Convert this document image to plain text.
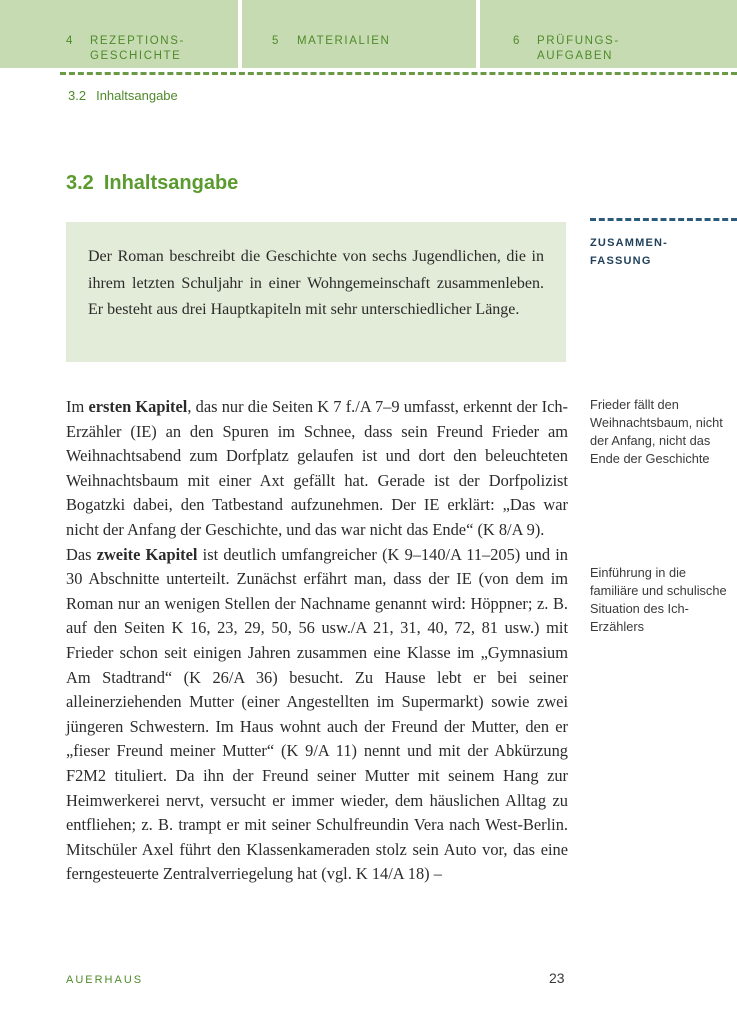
4 REZEPTIONS-
GESCHICHTE
5 MATERIALIEN	6 PRÜFUNGS-
AUFGABEN
3.2 Inhaltsangabe
3.2 Inhaltsangabe
Der Roman beschreibt die Geschichte von sechs Jugendlichen, die in ihrem letzten Schuljahr in einer Wohngemeinschaft zusammenleben. Er besteht aus drei Hauptkapiteln mit sehr unterschiedlicher Länge.
ZUSAMMEN-
FASSUNG

Im ersten Kapitel, das nur die Seiten K 7 f./A 7–9 umfasst, erkennt der Ich-Erzähler (IE) an den Spuren im Schnee, dass sein Freund Frieder am Weihnachtsabend zum Dorfplatz gelaufen ist und dort den beleuchteten Weihnachtsbaum mit einer Axt gefällt hat. Gerade ist der Dorfpolizist Bogatzki dabei, den Tatbestand aufzunehmen. Der IE erklärt: „Das war nicht der Anfang der Geschichte, und das war nicht das Ende“ (K 8/A 9).

Das zweite Kapitel ist deutlich umfangreicher (K 9–140/A 11–205) und in 30 Abschnitte unterteilt. Zunächst erfährt man, dass der IE (von dem im Roman nur an wenigen Stellen der Nachname genannt wird: Höppner; z. B. auf den Seiten K 16, 23, 29, 50, 56 usw./A 21, 31, 40, 72, 81 usw.) mit Frieder schon seit einigen Jahren zusammen eine Klasse im „Gymnasium Am Stadtrand“ (K 26/A 36) besucht. Zu Hause lebt er bei seiner alleinerziehenden Mutter (einer Angestellten im Supermarkt) sowie zwei jüngeren Schwestern. Im Haus wohnt auch der Freund der Mutter, den er „fieser Freund meiner Mutter“ (K 9/A 11) nennt und mit der Abkürzung F2M2 tituliert. Da ihn der Freund seiner Mutter mit seinem Hang zur Heimwerkerei nervt, versucht er immer wieder, dem häuslichen Alltag zu entfliehen; z. B. trampt er mit seiner Schulfreundin Vera nach West-Berlin. Mitschüler Axel führt den Klassenkameraden stolz sein Auto vor, das eine ferngesteuerte Zentralverriegelung hat (vgl. K 14/A 18) –

Frieder fällt den Weihnachtsbaum, nicht der Anfang, nicht das Ende der Geschichte
Einführung in die familiäre und schulische Situation des Ich-Erzählers
AUERHAUS	23
